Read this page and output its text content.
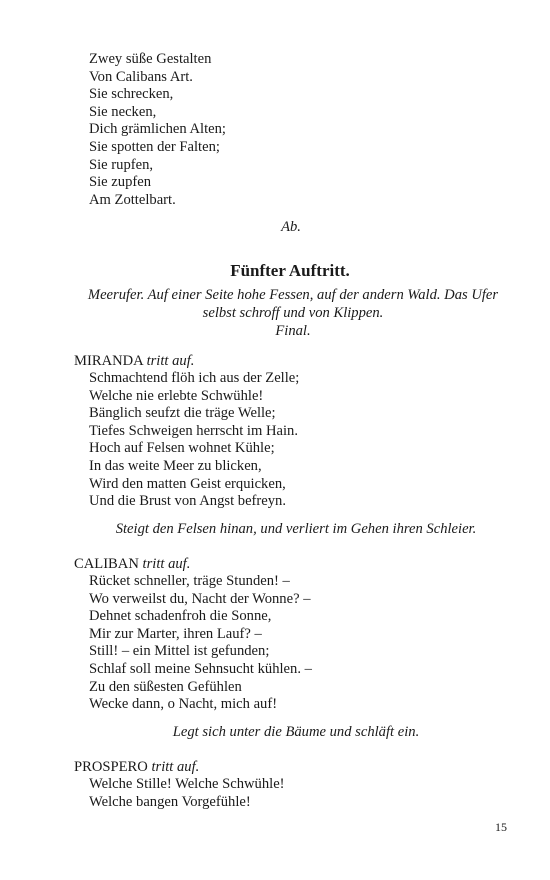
Zwey süße Gestalten
Von Calibans Art.
Sie schrecken,
Sie necken,
Dich grämlichen Alten;
Sie spotten der Falten;
Sie rupfen,
Sie zupfen
Am Zottelbart.
Ab.
Fünfter Auftritt.
Meerufer. Auf einer Seite hohe Fessen, auf der andern Wald. Das Ufer
selbst schroff und von Klippen.
Final.
MIRANDA tritt auf.
Schmachtend flöh ich aus der Zelle;
Welche nie erlebte Schwühle!
Bänglich seufzt die träge Welle;
Tiefes Schweigen herrscht im Hain.
Hoch auf Felsen wohnet Kühle;
In das weite Meer zu blicken,
Wird den matten Geist erquicken,
Und die Brust von Angst befreyn.
Steigt den Felsen hinan, und verliert im Gehen ihren Schleier.
CALIBAN tritt auf.
Rücket schneller, träge Stunden! –
Wo verweilst du, Nacht der Wonne? –
Dehnet schadenfroh die Sonne,
Mir zur Marter, ihren Lauf? –
Still! – ein Mittel ist gefunden;
Schlaf soll meine Sehnsucht kühlen. –
Zu den süßesten Gefühlen
Wecke dann, o Nacht, mich auf!
Legt sich unter die Bäume und schläft ein.
PROSPERO tritt auf.
Welche Stille! Welche Schwühle!
Welche bangen Vorgefühle!
15
